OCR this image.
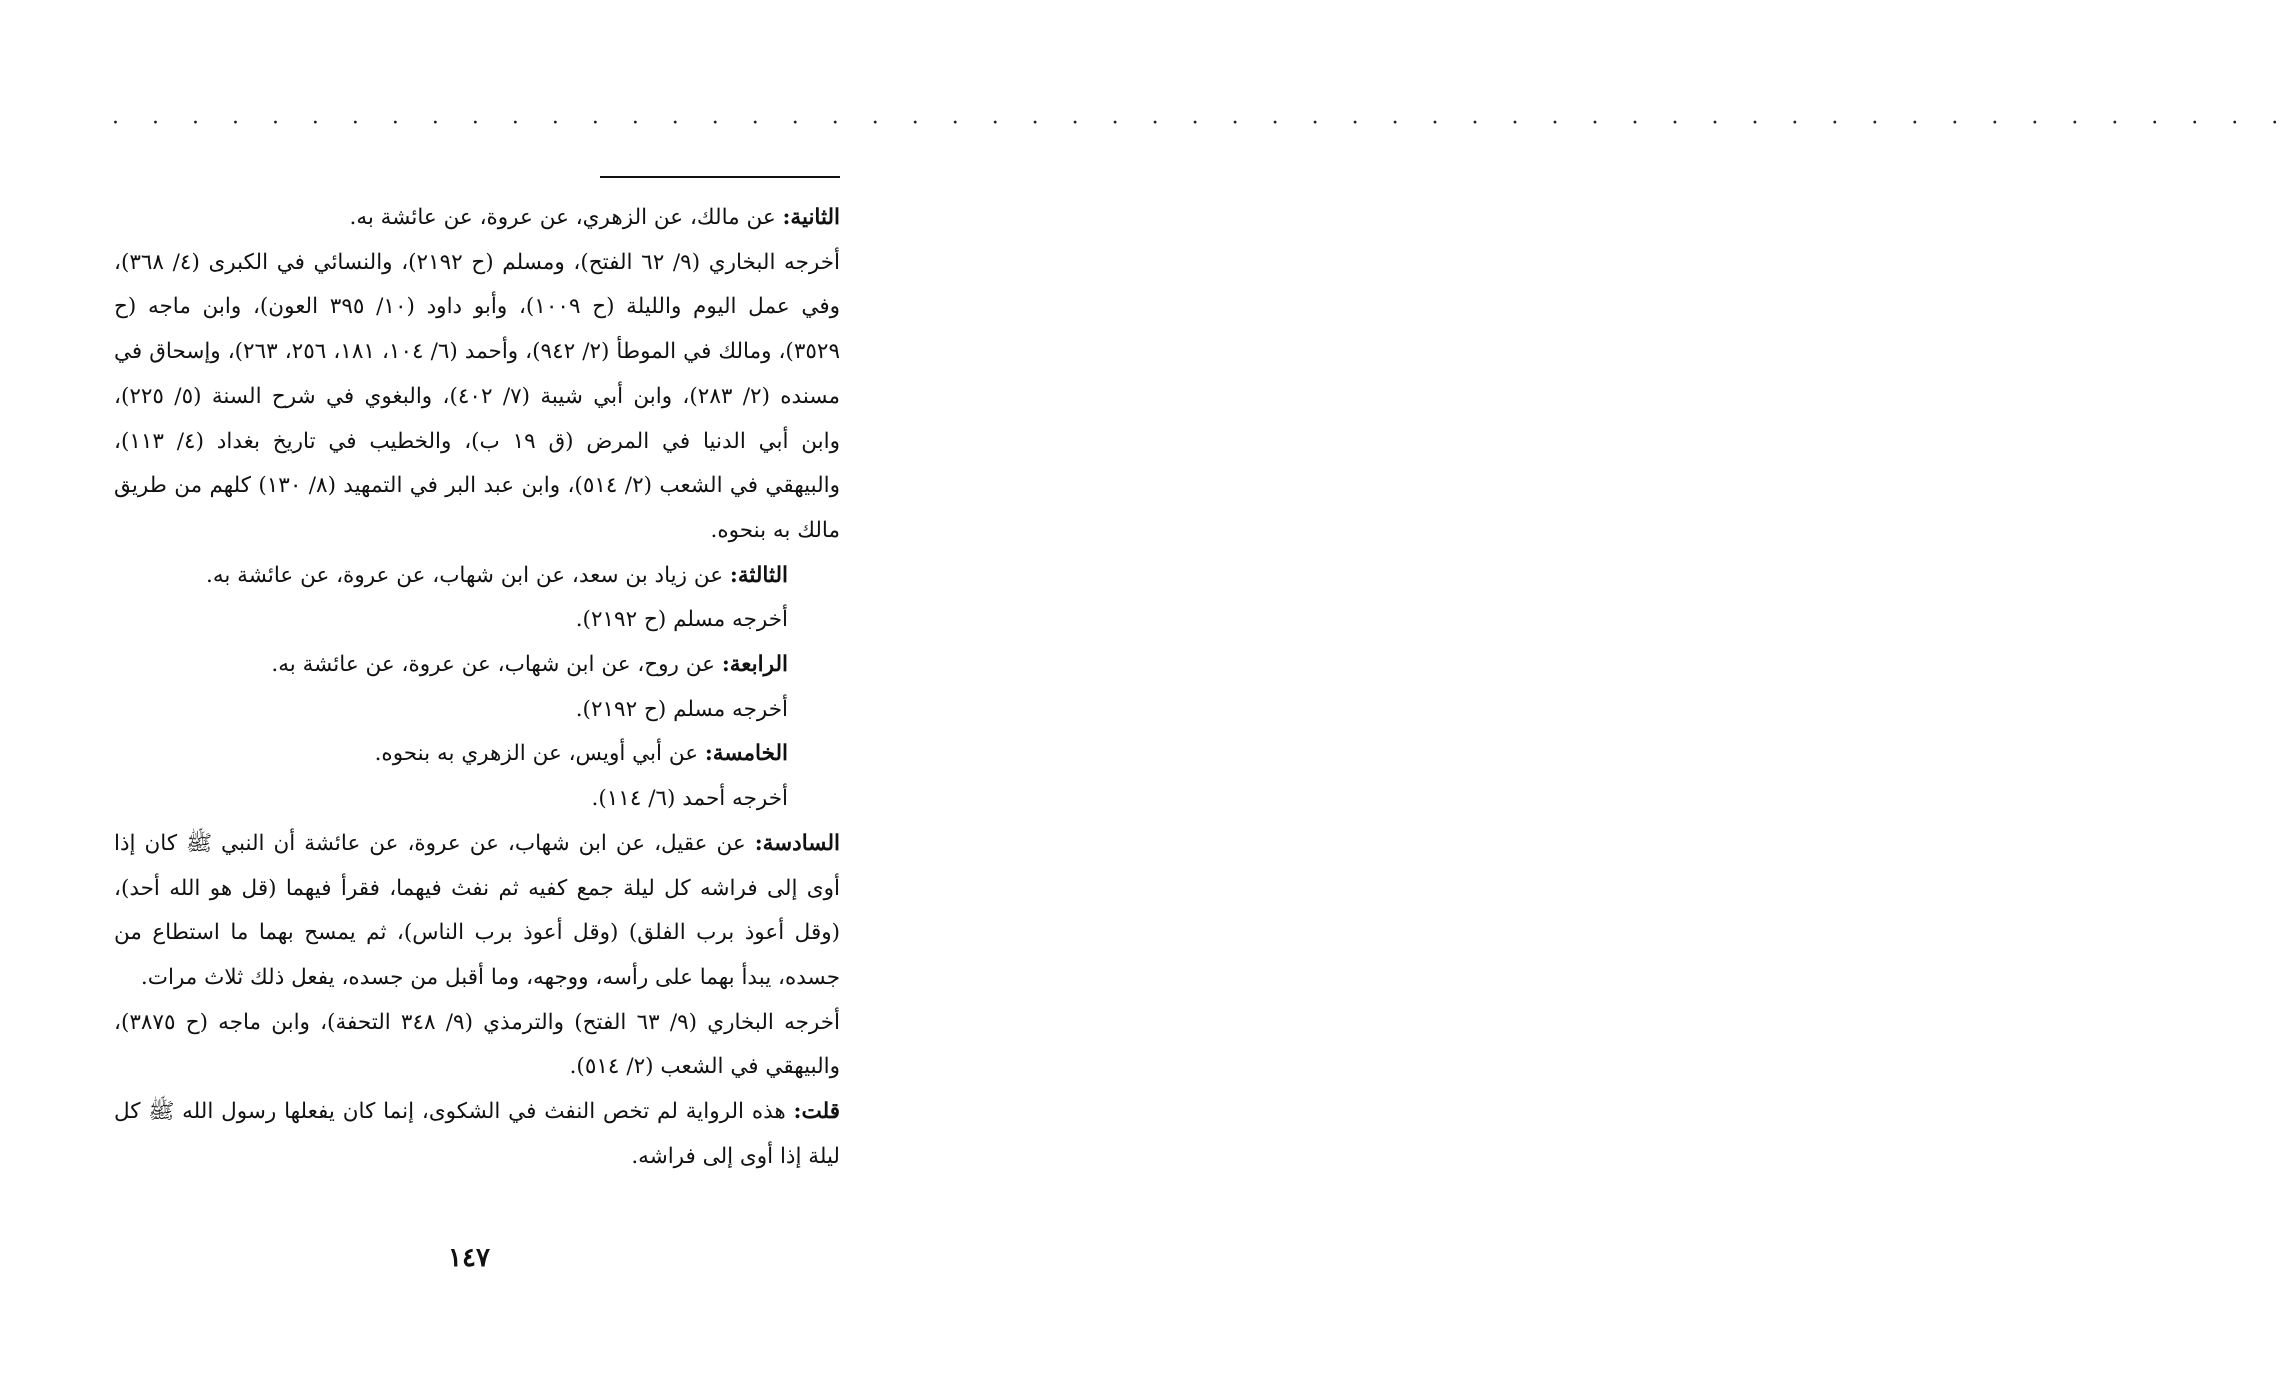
· · · · · · · · · · · · · · · · · · · · · · · · · · · · · · · · · · · · · · · · · · · · · · · · · · · · · · ·

الثانية: عن مالك، عن الزهري، عن عروة، عن عائشة به.

أخرجه البخاري (٩/ ٦٢ الفتح)، ومسلم (ح ٢١٩٢)، والنسائي في الكبرى (٤/ ٣٦٨)، وفي عمل اليوم والليلة (ح ١٠٠٩)، وأبو داود (١٠/ ٣٩٥ العون)، وابن ماجه (ح ٣٥٢٩)، ومالك في الموطأ (٢/ ٩٤٢)، وأحمد (٦/ ١٠٤، ١٨١، ٢٥٦، ٢٦٣)، وإسحاق في مسنده (٢/ ٢٨٣)، وابن أبي شيبة (٧/ ٤٠٢)، والبغوي في شرح السنة (٥/ ٢٢٥)، وابن أبي الدنيا في المرض (ق ١٩ ب)، والخطيب في تاريخ بغداد (٤/ ١١٣)، والبيهقي في الشعب (٢/ ٥١٤)، وابن عبد البر في التمهيد (٨/ ١٣٠) كلهم من طريق مالك به بنحوه.

الثالثة: عن زياد بن سعد، عن ابن شهاب، عن عروة، عن عائشة به.

أخرجه مسلم (ح ٢١٩٢).

الرابعة: عن روح، عن ابن شهاب، عن عروة، عن عائشة به.

أخرجه مسلم (ح ٢١٩٢).

الخامسة: عن أبي أويس، عن الزهري به بنحوه.

أخرجه أحمد (٦/ ١١٤).

السادسة: عن عقيل، عن ابن شهاب، عن عروة، عن عائشة أن النبي ﷺ كان إذا أوى إلى فراشه كل ليلة جمع كفيه ثم نفث فيهما، فقرأ فيهما (قل هو الله أحد)، (وقل أعوذ برب الفلق) (وقل أعوذ برب الناس)، ثم يمسح بهما ما استطاع من جسده، يبدأ بهما على رأسه، ووجهه، وما أقبل من جسده، يفعل ذلك ثلاث مرات.

أخرجه البخاري (٩/ ٦٣ الفتح) والترمذي (٩/ ٣٤٨ التحفة)، وابن ماجه (ح ٣٨٧٥)، والبيهقي في الشعب (٢/ ٥١٤).

قلت: هذه الرواية لم تخص النفث في الشكوى، إنما كان يفعلها رسول الله ﷺ كل ليلة إذا أوى إلى فراشه.

١٤٧
